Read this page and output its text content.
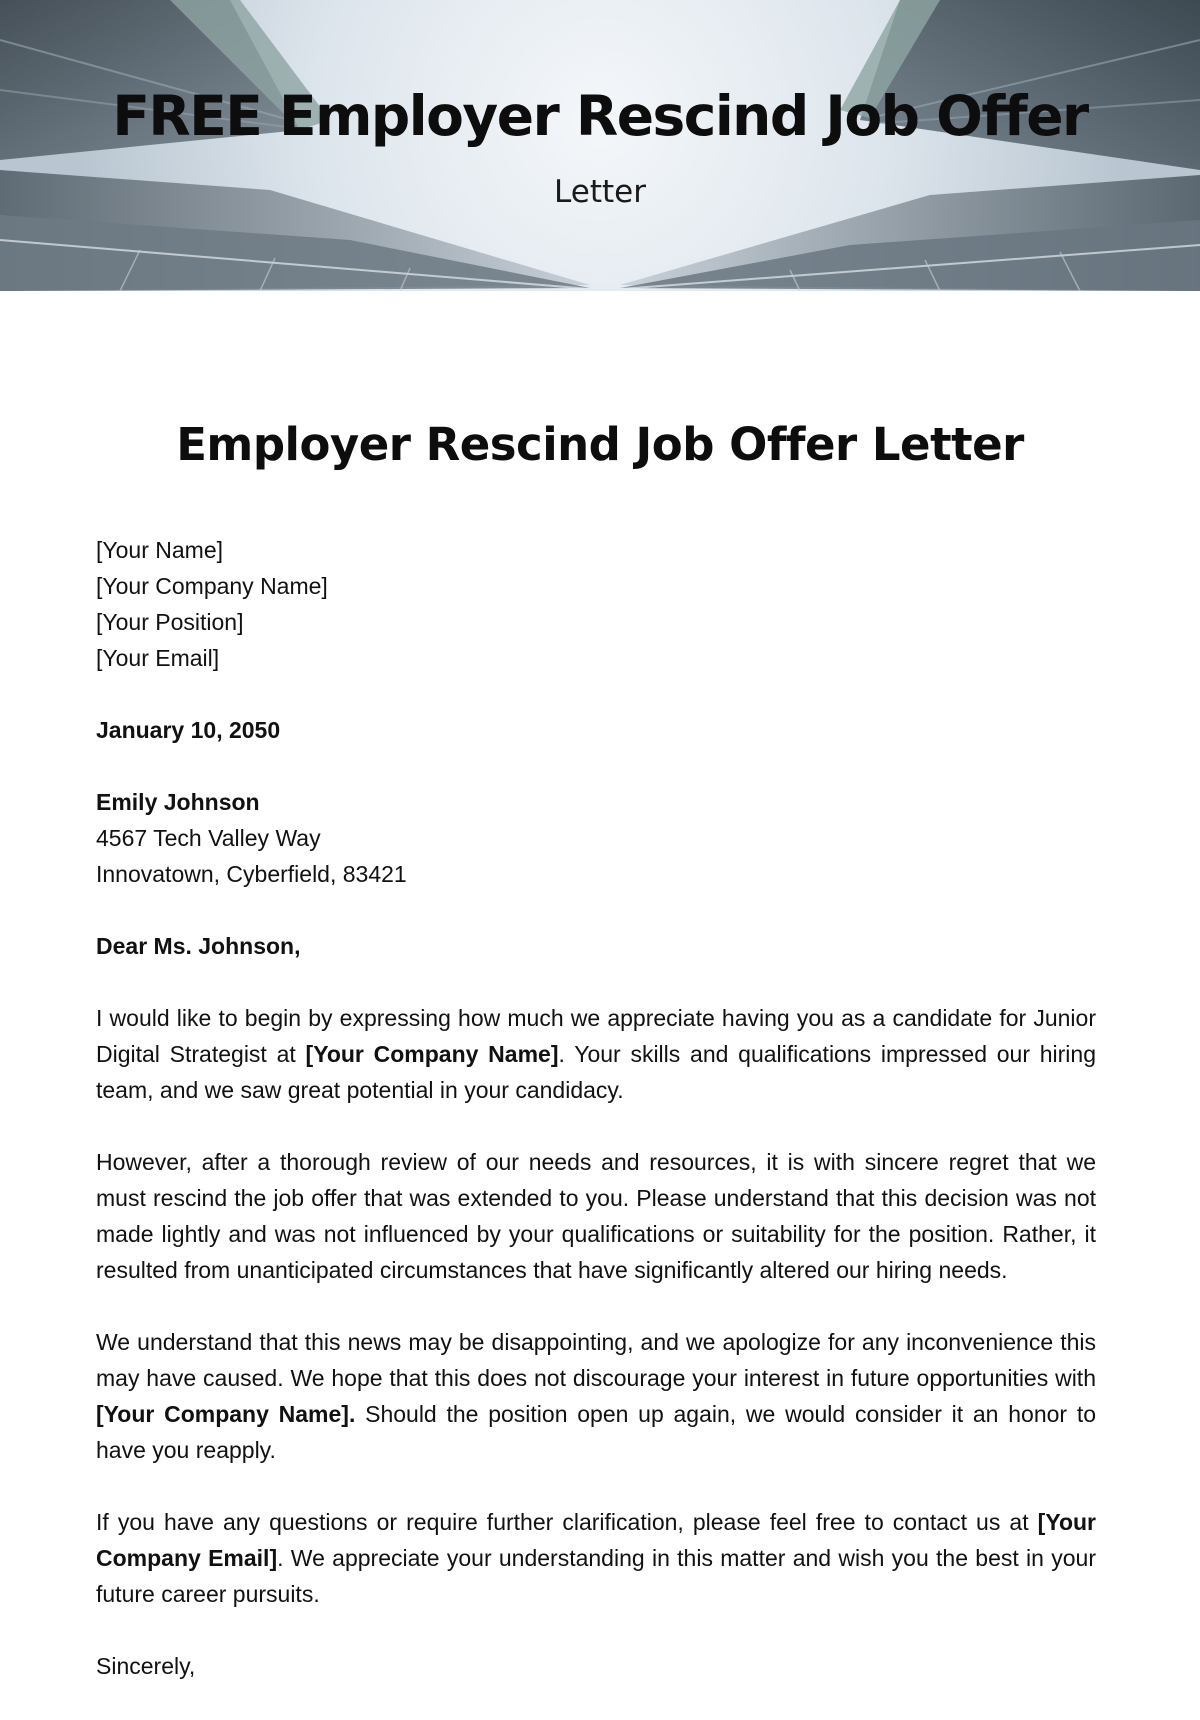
FREE Employer Rescind Job Offer
Letter
Employer Rescind Job Offer Letter

[Your Name]
[Your Company Name]
[Your Position]
[Your Email]

January 10, 2050

Emily Johnson
4567 Tech Valley Way
Innovatown, Cyberfield, 83421

Dear Ms. Johnson,

I would like to begin by expressing how much we appreciate having you as a candidate for Junior Digital Strategist at [Your Company Name]. Your skills and qualifications impressed our hiring team, and we saw great potential in your candidacy.

However, after a thorough review of our needs and resources, it is with sincere regret that we must rescind the job offer that was extended to you. Please understand that this decision was not made lightly and was not influenced by your qualifications or suitability for the position. Rather, it resulted from unanticipated circumstances that have significantly altered our hiring needs.

We understand that this news may be disappointing, and we apologize for any inconvenience this may have caused. We hope that this does not discourage your interest in future opportunities with [Your Company Name]. Should the position open up again, we would consider it an honor to have you reapply.

If you have any questions or require further clarification, please feel free to contact us at [Your Company Email]. We appreciate your understanding in this matter and wish you the best in your future career pursuits.

Sincerely,
